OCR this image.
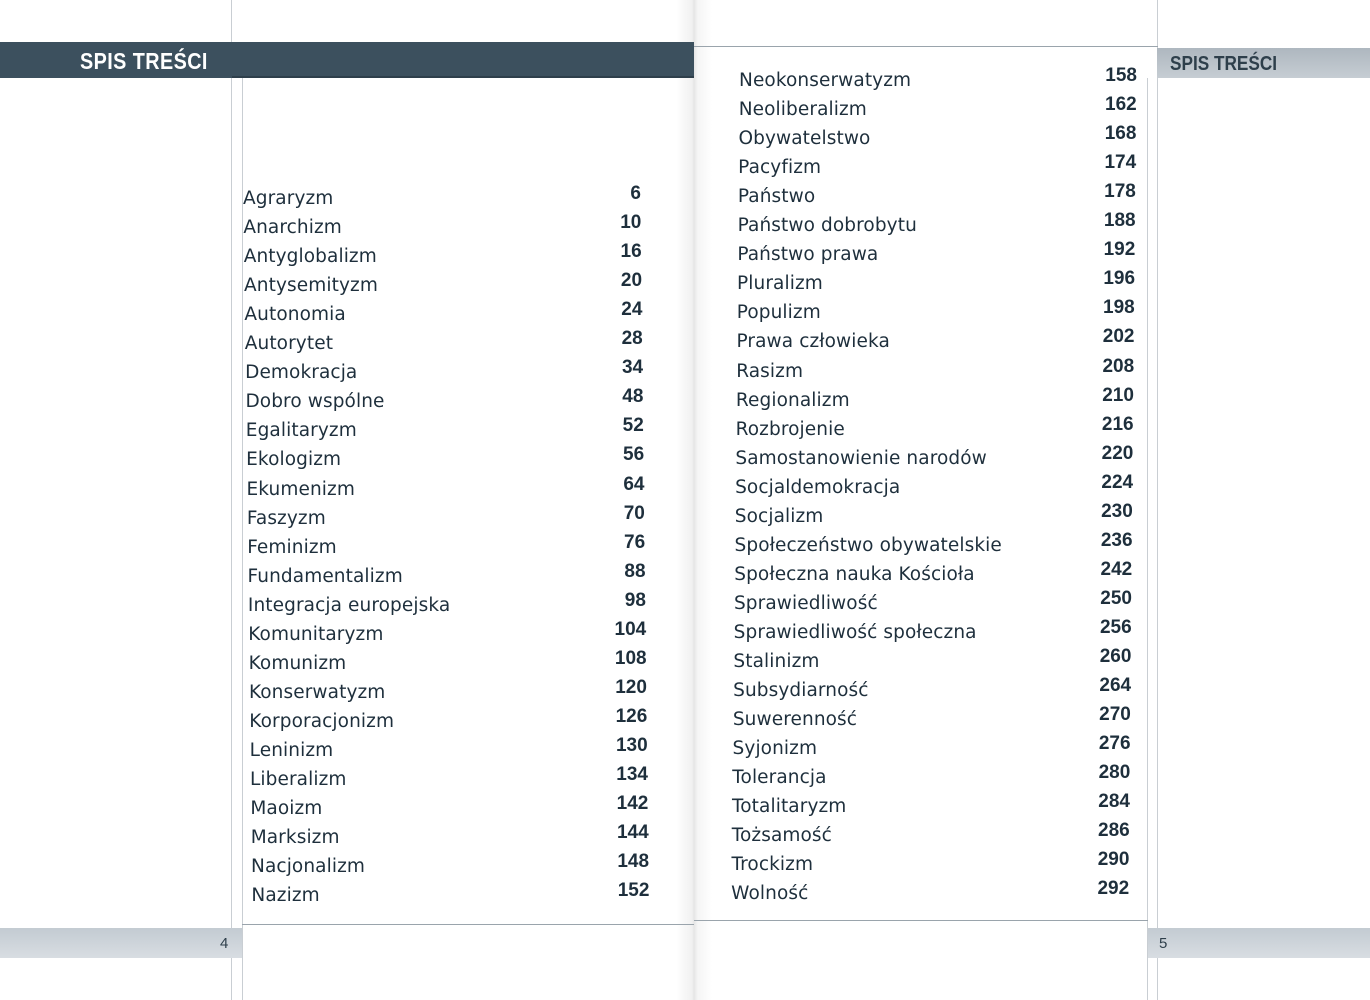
SPIS TREŚCI	SPIS TREŚCI
4	5
Agraryzm	6
Anarchizm	10
Antyglobalizm	16
Antysemityzm	20
Autonomia	24
Autorytet	28
Demokracja	34
Dobro wspólne	48
Egalitaryzm	52
Ekologizm	56
Ekumenizm	64
Faszyzm	70
Feminizm	76
Fundamentalizm	88
Integracja europejska	98
Komunitaryzm	104
Komunizm	108
Konserwatyzm	120
Korporacjonizm	126
Leninizm	130
Liberalizm	134
Maoizm	142
Marksizm	144
Nacjonalizm	148
Nazizm	152
Neokonserwatyzm	158
Neoliberalizm	162
Obywatelstwo	168
Pacyfizm	174
Państwo	178
Państwo dobrobytu	188
Państwo prawa	192
Pluralizm	196
Populizm	198
Prawa człowieka	202
Rasizm	208
Regionalizm	210
Rozbrojenie	216
Samostanowienie narodów	220
Socjaldemokracja	224
Socjalizm	230
Społeczeństwo obywatelskie	236
Społeczna nauka Kościoła	242
Sprawiedliwość	250
Sprawiedliwość społeczna	256
Stalinizm	260
Subsydiarność	264
Suwerenność	270
Syjonizm	276
Tolerancja	280
Totalitaryzm	284
Tożsamość	286
Trockizm	290
Wolność	292
